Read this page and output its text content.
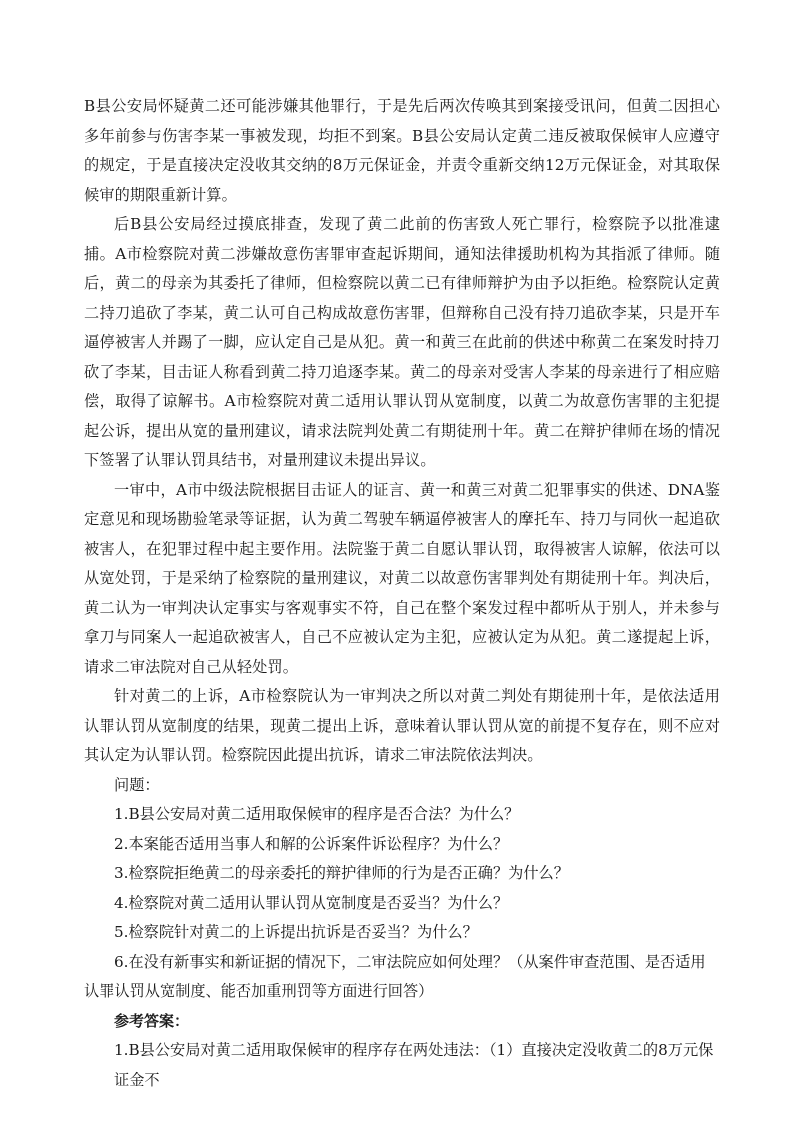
B县公安局怀疑黄二还可能涉嫌其他罪行，于是先后两次传唤其到案接受讯问，但黄二因担心多年前参与伤害李某一事被发现，均拒不到案。B县公安局认定黄二违反被取保候审人应遵守的规定，于是直接决定没收其交纳的8万元保证金，并责令重新交纳12万元保证金，对其取保候审的期限重新计算。

后B县公安局经过摸底排查，发现了黄二此前的伤害致人死亡罪行，检察院予以批准逮捕。A市检察院对黄二涉嫌故意伤害罪审查起诉期间，通知法律援助机构为其指派了律师。随后，黄二的母亲为其委托了律师，但检察院以黄二已有律师辩护为由予以拒绝。检察院认定黄二持刀追砍了李某，黄二认可自己构成故意伤害罪，但辩称自己没有持刀追砍李某，只是开车逼停被害人并踢了一脚，应认定自己是从犯。黄一和黄三在此前的供述中称黄二在案发时持刀砍了李某，目击证人称看到黄二持刀追逐李某。黄二的母亲对受害人李某的母亲进行了相应赔偿，取得了谅解书。A市检察院对黄二适用认罪认罚从宽制度，以黄二为故意伤害罪的主犯提起公诉，提出从宽的量刑建议，请求法院判处黄二有期徒刑十年。黄二在辩护律师在场的情况下签署了认罪认罚具结书，对量刑建议未提出异议。

一审中，A市中级法院根据目击证人的证言、黄一和黄三对黄二犯罪事实的供述、DNA鉴定意见和现场勘验笔录等证据，认为黄二驾驶车辆逼停被害人的摩托车、持刀与同伙一起追砍被害人，在犯罪过程中起主要作用。法院鉴于黄二自愿认罪认罚，取得被害人谅解，依法可以从宽处罚，于是采纳了检察院的量刑建议，对黄二以故意伤害罪判处有期徒刑十年。判决后，黄二认为一审判决认定事实与客观事实不符，自己在整个案发过程中都听从于别人，并未参与拿刀与同案人一起追砍被害人，自己不应被认定为主犯，应被认定为从犯。黄二遂提起上诉，请求二审法院对自己从轻处罚。

针对黄二的上诉，A市检察院认为一审判决之所以对黄二判处有期徒刑十年，是依法适用认罪认罚从宽制度的结果，现黄二提出上诉，意味着认罪认罚从宽的前提不复存在，则不应对其认定为认罪认罚。检察院因此提出抗诉，请求二审法院依法判决。

问题：

1.B县公安局对黄二适用取保候审的程序是否合法？为什么？

2.本案能否适用当事人和解的公诉案件诉讼程序？为什么？

3.检察院拒绝黄二的母亲委托的辩护律师的行为是否正确？为什么？

4.检察院对黄二适用认罪认罚从宽制度是否妥当？为什么？

5.检察院针对黄二的上诉提出抗诉是否妥当？为什么？

6.在没有新事实和新证据的情况下，二审法院应如何处理？（从案件审查范围、是否适用认罪认罚从宽制度、能否加重刑罚等方面进行回答）

参考答案：

1.B县公安局对黄二适用取保候审的程序存在两处违法：（1）直接决定没收黄二的8万元保证金不
